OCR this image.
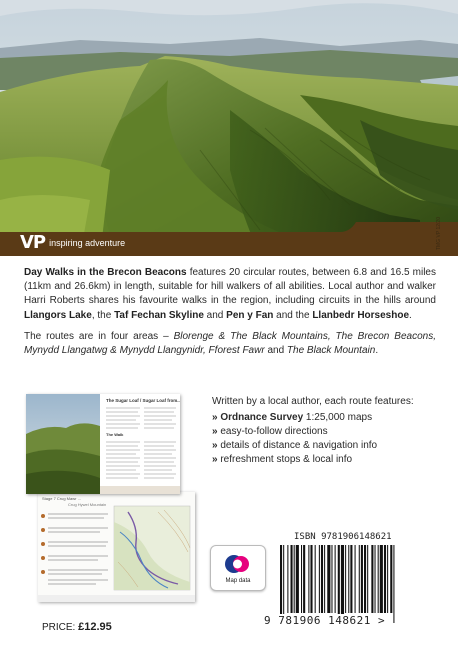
VP inspiring adventure	TMG VP 12/20

Day Walks in the Brecon Beacons features 20 circular routes, between 6.8 and 16.5 miles (11km and 26.6km) in length, suitable for hill walkers of all abilities. Local author and walker Harri Roberts shares his favourite walks in the region, including circuits in the hills around Llangors Lake, the Taf Fechan Skyline and Pen y Fan and the Llanbedr Horseshoe.

The routes are in four areas – Blorenge & The Black Mountains, The Brecon Beacons, Mynydd Llangatwg & Mynydd Llangynidr, Fforest Fawr and The Black Mountain.

Stage 7 Crug Mawr ...
Crug Hywel Mountain
The Sugar Loaf / Sugar Loaf from...
The Walk
Written by a local author, each route features:
» Ordnance Survey 1:25,000 maps
» easy-to-follow directions
» details of distance & navigation info
» refreshment stops & local info
Map data
ISBN 9781906148621
9 781906 148621 >
PRICE: £12.95
